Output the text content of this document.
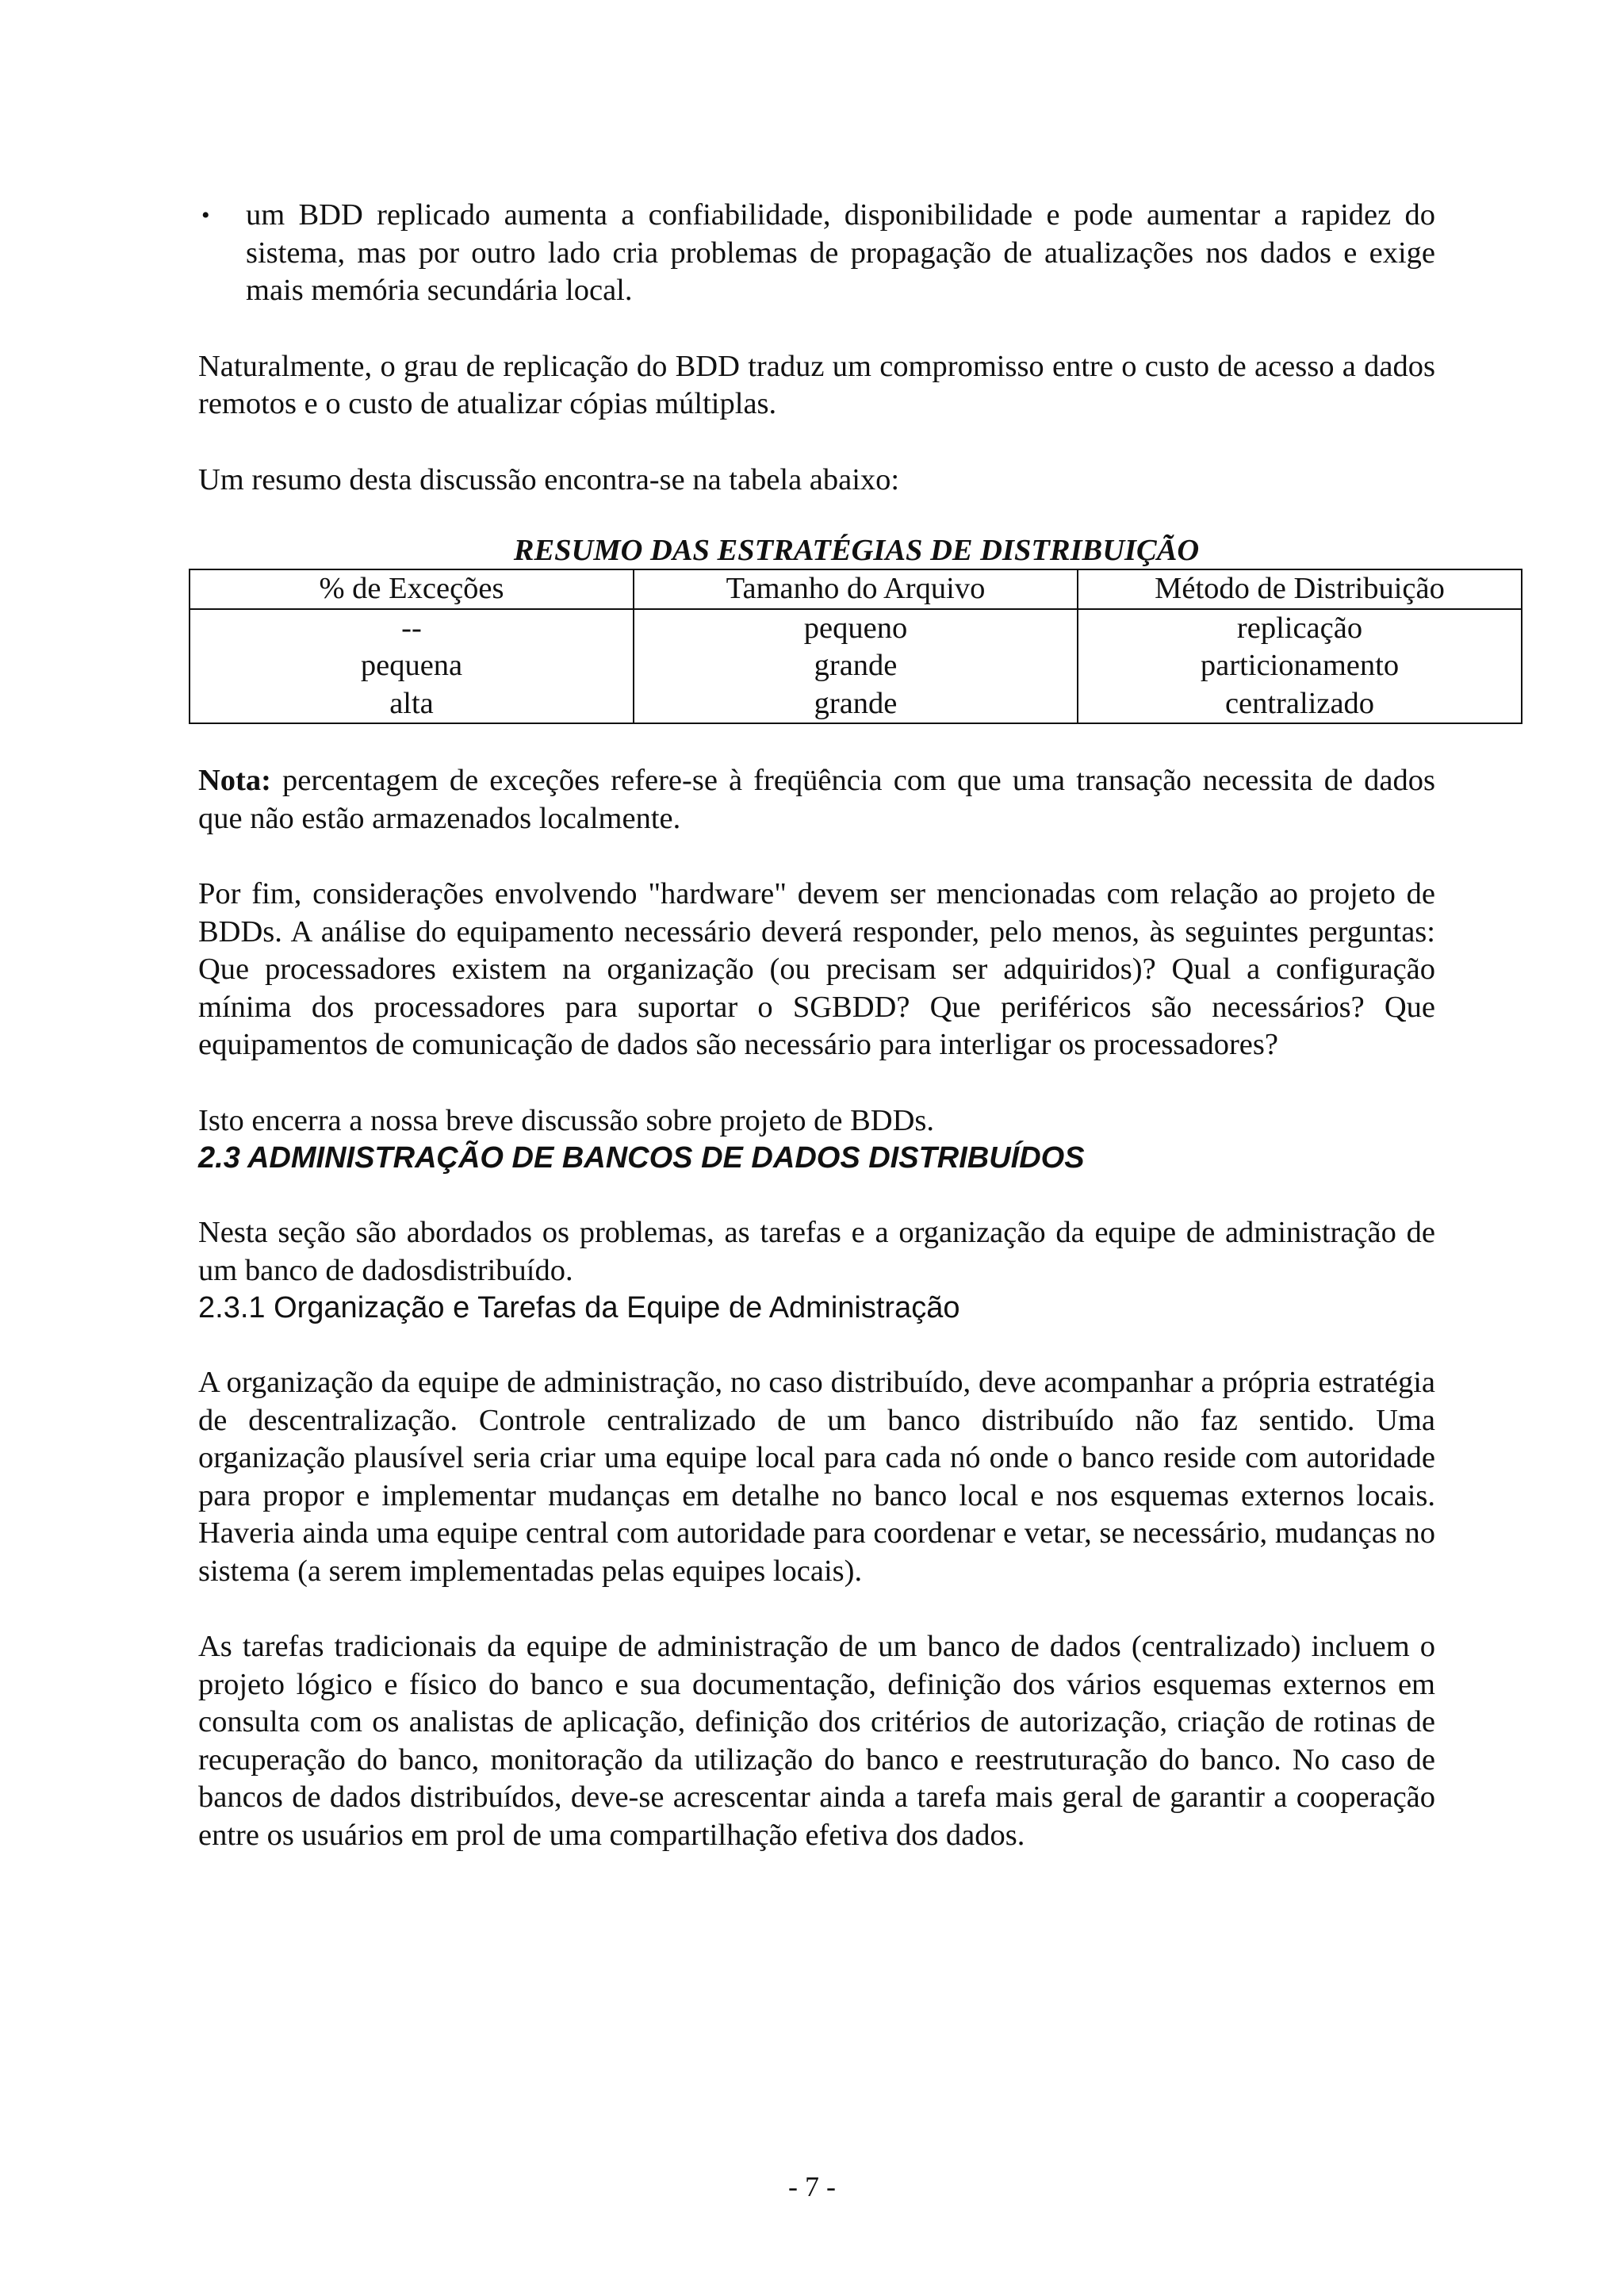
• um BDD replicado aumenta a confiabilidade, disponibilidade e pode aumentar a rapidez do sistema, mas por outro lado cria problemas de propagação de atualizações nos dados e exige mais memória secundária local.

Naturalmente, o grau de replicação do BDD traduz um compromisso entre o custo de acesso a dados remotos e o custo de atualizar cópias múltiplas.

Um resumo desta discussão encontra-se na tabela abaixo:

RESUMO DAS ESTRATÉGIAS DE DISTRIBUIÇÃO
% de Exceções	Tamanho do Arquivo	Método de Distribuição
--	pequeno	replicação
pequena	grande	particionamento
alta	grande	centralizado

Nota: percentagem de exceções refere-se à freqüência com que uma transação necessita de dados que não estão armazenados localmente.

Por fim, considerações envolvendo "hardware" devem ser mencionadas com relação ao projeto de BDDs. A análise do equipamento necessário deverá responder, pelo menos, às seguintes perguntas: Que processadores existem na organização (ou precisam ser adquiridos)? Qual a configuração mínima dos processadores para suportar o SGBDD? Que periféricos são necessários? Que equipamentos de comunicação de dados são necessário para interligar os processadores?

Isto encerra a nossa breve discussão sobre projeto de BDDs.

2.3 ADMINISTRAÇÃO DE BANCOS DE DADOS DISTRIBUÍDOS

Nesta seção são abordados os problemas, as tarefas e a organização da equipe de administração de um banco de dadosdistribuído.

2.3.1 Organização e Tarefas da Equipe de Administração

A organização da equipe de administração, no caso distribuído, deve acompanhar a própria estratégia de descentralização. Controle centralizado de um banco distribuído não faz sentido. Uma organização plausível seria criar uma equipe local para cada nó onde o banco reside com autoridade para propor e implementar mudanças em detalhe no banco local e nos esquemas externos locais. Haveria ainda uma equipe central com autoridade para coordenar e vetar, se necessário, mudanças no sistema (a serem implementadas pelas equipes locais).

As tarefas tradicionais da equipe de administração de um banco de dados (centralizado) incluem o projeto lógico e físico do banco e sua documentação, definição dos vários esquemas externos em consulta com os analistas de aplicação, definição dos critérios de autorização, criação de rotinas de recuperação do banco, monitoração da utilização do banco e reestruturação do banco. No caso de bancos de dados distribuídos, deve-se acrescentar ainda a tarefa mais geral de garantir a cooperação entre os usuários em prol de uma compartilhação efetiva dos dados.

- 7 -
